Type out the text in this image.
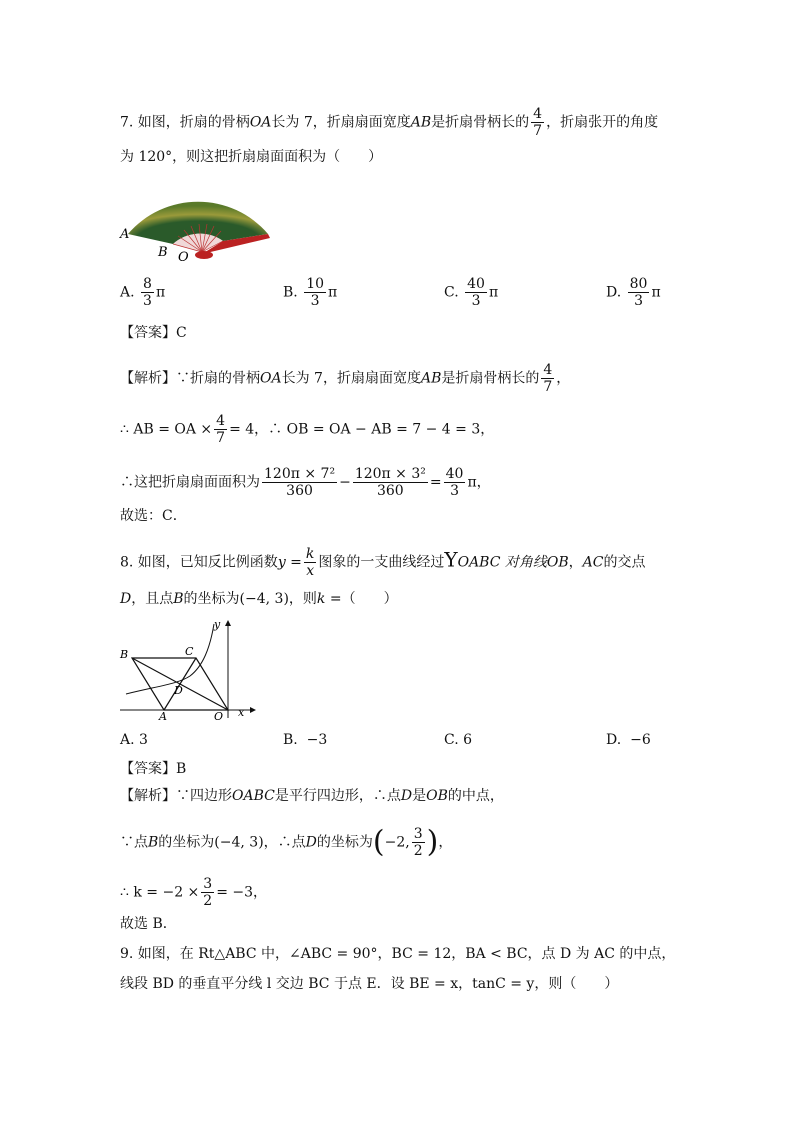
7. 如图，折扇的骨柄OA长为 7，折扇扇面宽度AB是折扇骨柄长的 $\frac{4}{7}$ ，折扇张开的角度
为 120°，则这把折扇扇面面积为（　　）
A
B O
A. $\frac{8}{3}$ π	B. $\frac{10}{3}$ π	C. $\frac{40}{3}$ π	D. $\frac{80}{3}$ π
【答案】C
【解析】∵折扇的骨柄OA长为 7，折扇扇面宽度AB是折扇骨柄长的 $\frac{4}{7}$ ，
∴ AB = OA × $\frac{4}{7} = 4$，∴ OB = OA − AB = 7 − 4 = 3，
∴这把折扇扇面面积为 $\frac{\text{120π × 7²}}{360} - \frac{\text{120π × 3²}}{360} = \frac{40}{3}$ π，
故选：C．
8. 如图，已知反比例函数$y = \frac{k}{x}$ 图象的一支曲线经过YOABC 对角线OB，AC的交点
D，且点B的坐标为(−4, 3)，则k =（　　）
y
x
B	C
D
A	O
A. 3	B. −3	C. 6	D. −6
【答案】B
【解析】∵四边形OABC是平行四边形，∴点D是OB的中点，
∵点B的坐标为(−4, 3)，∴点D的坐标为(−2, $\frac{3}{2}$ )，
∴ $k = -2 \times \frac{3}{2} = -3$，
故选 B．
9. 如图，在 Rt△ABC 中，∠ABC = 90°，BC = 12，BA < BC，点 D 为 AC 的中点，
线段 BD 的垂直平分线 l 交边 BC 于点 E．设 BE = x，tanC = y，则（　　）
